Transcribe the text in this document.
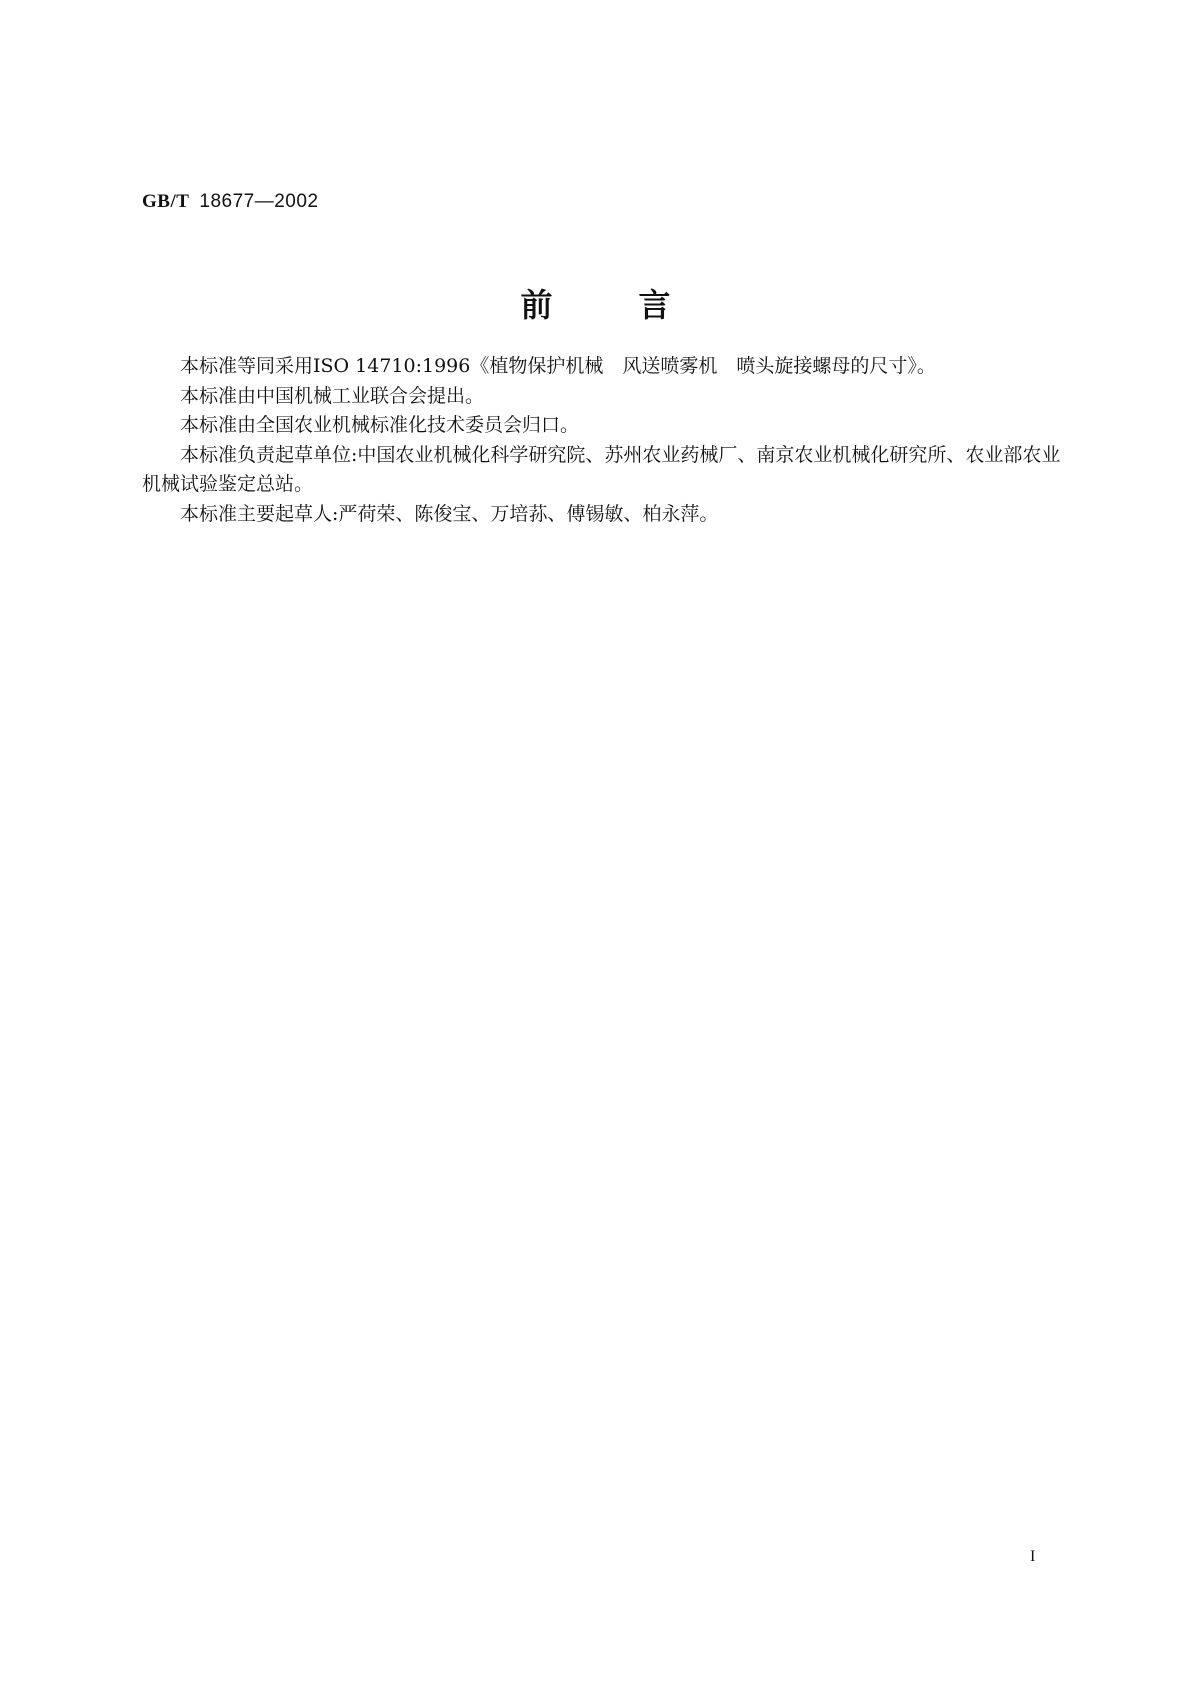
GB/T 18677—2002
前言

本标准等同采用ISO 14710:1996《植物保护机械　风送喷雾机　喷头旋接螺母的尺寸》。

本标准由中国机械工业联合会提出。

本标准由全国农业机械标准化技术委员会归口。

本标准负责起草单位:中国农业机械化科学研究院、苏州农业药械厂、南京农业机械化研究所、农业部农业机械试验鉴定总站。

本标准主要起草人:严荷荣、陈俊宝、万培荪、傅锡敏、柏永萍。

I
